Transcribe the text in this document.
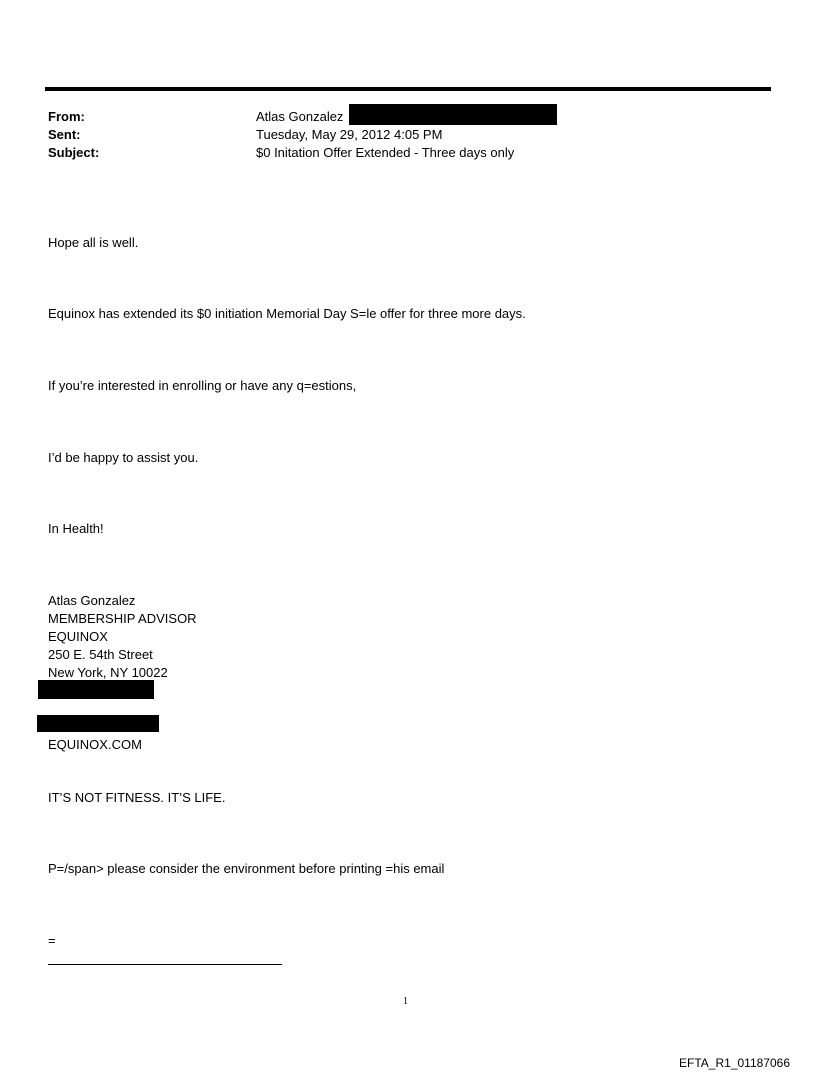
From:	Atlas Gonzalez
Sent:	Tuesday, May 29, 2012 4:05 PM
Subject:	$0 Initation Offer Extended - Three days only
Hope all is well.
Equinox has extended its $0 initiation Memorial Day S=le offer for three more days.
If you’re interested in enrolling or have any q=estions,
I’d be happy to assist you.
In Health!
Atlas Gonzalez
MEMBERSHIP ADVISOR
EQUINOX
250 E. 54th Street
New York, NY 10022
EQUINOX.COM
IT’S NOT FITNESS. IT’S LIFE.
P=/span> please consider the environment before printing =his email
=
1
EFTA_R1_01187066
